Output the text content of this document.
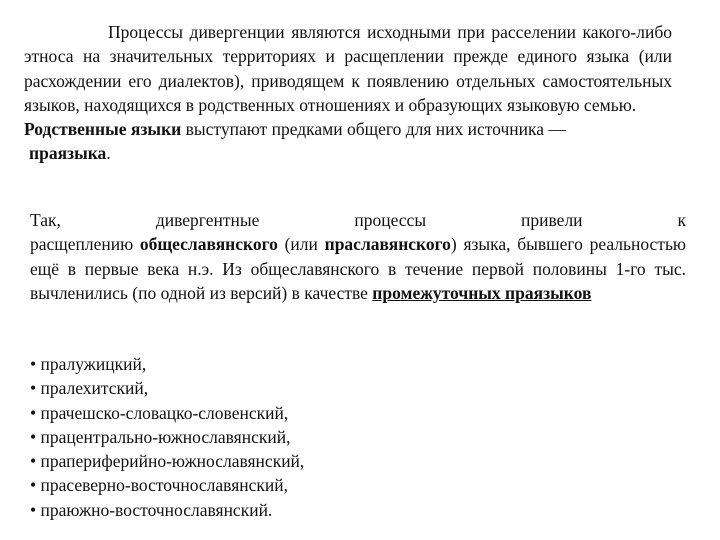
Процессы дивергенции являются исходными при расселении какого-либо этноса на значительных территориях и расщеплении прежде единого языка (или расхождении его диалектов), приводящем к появлению отдельных самостоятельных языков, находящихся в родственных отношениях и образующих языковую семью.

Родственные языки выступают предками общего для них источника —
праязыка.

Так, дивергентные процессы привели к
расщеплению общеславянского (или праславянского) языка, бывшего реальностью ещё в первые века н.э. Из общеславянского в течение первой половины 1-го тыс. вычленились (по одной из версий) в качестве промежуточных праязыков

• пралужицкий,
• пралехитский,
• прачешско-словацко-словенский,
• працентрально-южнославянский,
• прапериферийно-южнославянский,
• прасеверно-восточнославянский,
• праюжно-восточнославянский.
